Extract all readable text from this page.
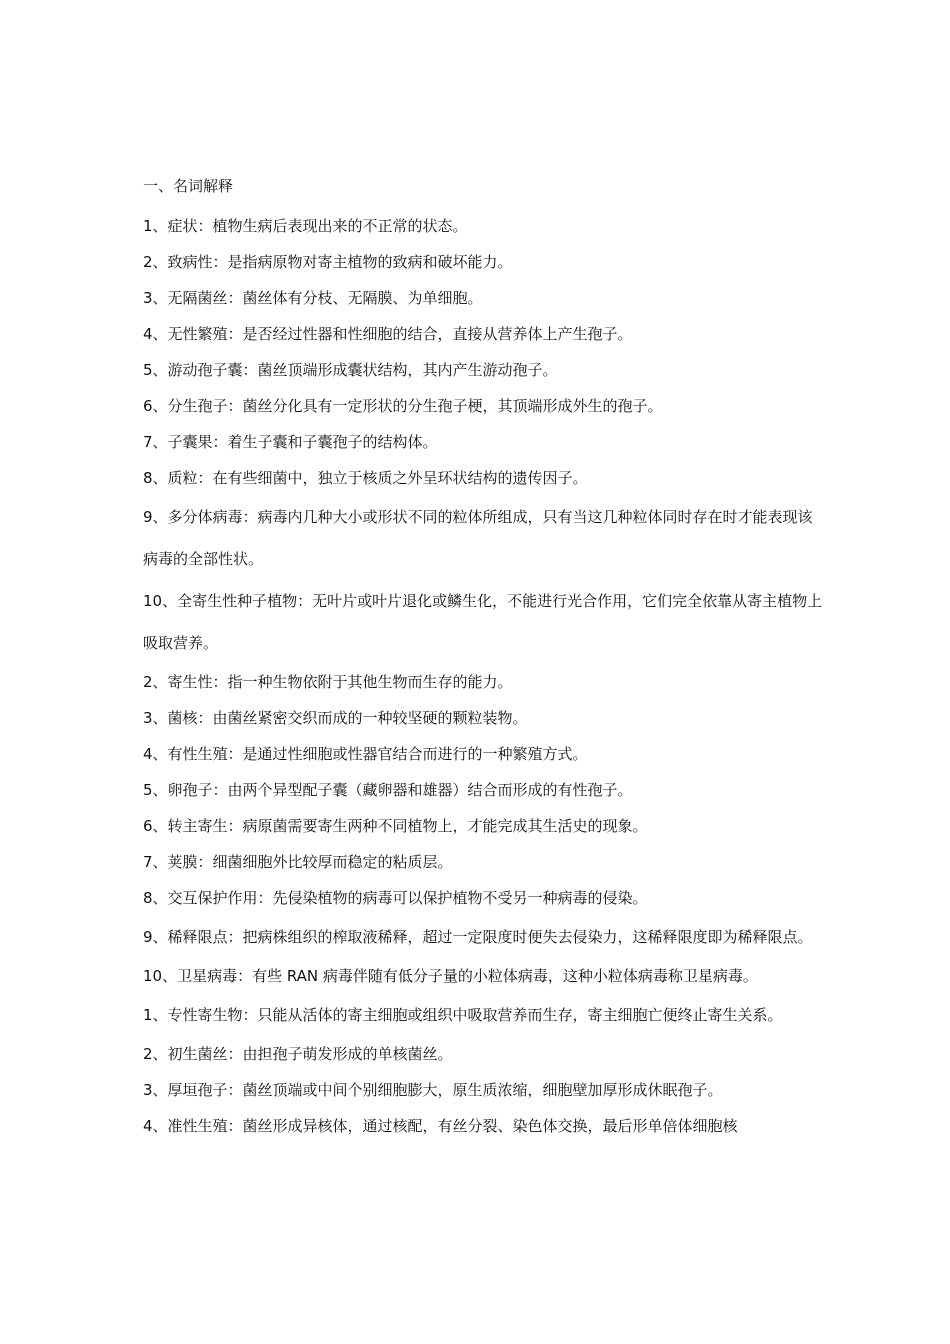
一、名词解释

1、症状：植物生病后表现出来的不正常的状态。

2、致病性：是指病原物对寄主植物的致病和破坏能力。

3、无隔菌丝：菌丝体有分枝、无隔膜、为单细胞。

4、无性繁殖：是否经过性器和性细胞的结合，直接从营养体上产生孢子。

5、游动孢子囊：菌丝顶端形成囊状结构，其内产生游动孢子。

6、分生孢子：菌丝分化具有一定形状的分生孢子梗，其顶端形成外生的孢子。

7、子囊果：着生子囊和子囊孢子的结构体。

8、质粒：在有些细菌中，独立于核质之外呈环状结构的遗传因子。

9、多分体病毒：病毒内几种大小或形状不同的粒体所组成，只有当这几种粒体同时存在时才能表现该病毒的全部性状。

10、全寄生性种子植物：无叶片或叶片退化或鳞生化，不能进行光合作用，它们完全依靠从寄主植物上吸取营养。

2、寄生性：指一种生物依附于其他生物而生存的能力。

3、菌核：由菌丝紧密交织而成的一种较坚硬的颗粒装物。

4、有性生殖：是通过性细胞或性器官结合而进行的一种繁殖方式。

5、卵孢子：由两个异型配子囊（藏卵器和雄器）结合而形成的有性孢子。

6、转主寄生：病原菌需要寄生两种不同植物上，才能完成其生活史的现象。

7、荚膜：细菌细胞外比较厚而稳定的粘质层。

8、交互保护作用：先侵染植物的病毒可以保护植物不受另一种病毒的侵染。

9、稀释限点：把病株组织的榨取液稀释，超过一定限度时便失去侵染力，这稀释限度即为稀释限点。

10、卫星病毒：有些 RAN 病毒伴随有低分子量的小粒体病毒，这种小粒体病毒称卫星病毒。

1、专性寄生物：只能从活体的寄主细胞或组织中吸取营养而生存，寄主细胞亡便终止寄生关系。

2、初生菌丝：由担孢子萌发形成的单核菌丝。

3、厚垣孢子：菌丝顶端或中间个别细胞膨大，原生质浓缩，细胞壁加厚形成休眠孢子。

4、准性生殖：菌丝形成异核体，通过核配，有丝分裂、染色体交换，最后形单倍体细胞核
